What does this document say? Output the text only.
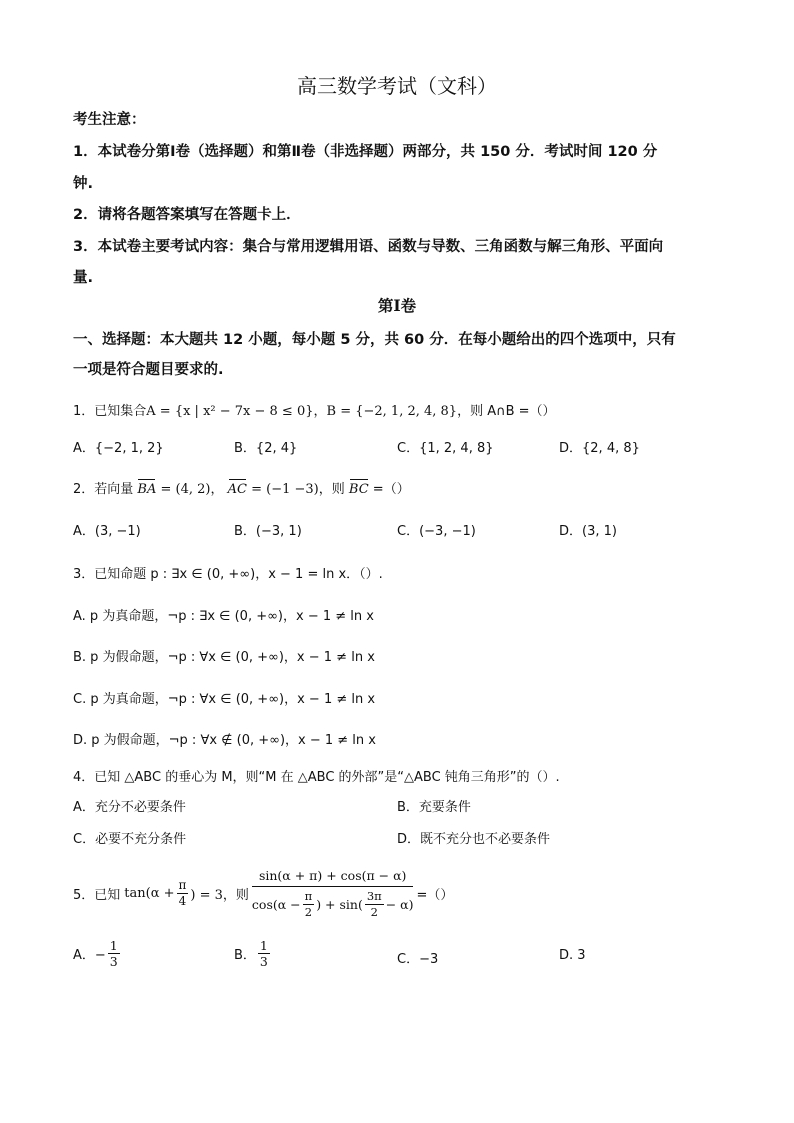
高三数学考试（文科）
考生注意：
1．本试卷分第Ⅰ卷（选择题）和第Ⅱ卷（非选择题）两部分，共 150 分．考试时间 120 分
钟.
2．请将各题答案填写在答题卡上．
3．本试卷主要考试内容：集合与常用逻辑用语、函数与导数、三角函数与解三角形、平面向
量.
第Ⅰ卷
一、选择题：本大题共 12 小题，每小题 5 分，共 60 分．在每小题给出的四个选项中，只有
一项是符合题目要求的.
1．已知集合A = {x | x² − 7x − 8 ≤ 0}，B = {−2, 1, 2, 4, 8}，则 A∩B =（）
A．{−2, 1, 2}	B．{2, 4}	C．{1, 2, 4, 8}	D．{2, 4, 8}
2．若向量 BA = (4, 2)， AC = (−1 −3)，则 BC =（）
A．(3, −1)	B．(−3, 1)	C．(−3, −1)	D．(3, 1)
3．已知命题 p : ∃x ∈ (0, +∞)，x − 1 = ln x．（）.
A. p 为真命题，¬p : ∃x ∈ (0, +∞)，x − 1 ≠ ln x
B. p 为假命题，¬p : ∀x ∈ (0, +∞)，x − 1 ≠ ln x
C. p 为真命题，¬p : ∀x ∈ (0, +∞)，x − 1 ≠ ln x
D. p 为假命题，¬p : ∀x ∉ (0, +∞)，x − 1 ≠ ln x
4．已知 △ABC 的垂心为 M，则“M 在 △ABC 的外部”是“△ABC 钝角三角形”的（）.
A．充分不必要条件	B．充要条件
C．必要不充分条件	D．既不充分也不必要条件
5．已知 $\tan(\alpha + \frac{\pi}{4}$ ) = 3，则
sin(α + π) + cos(π − α)
$\cos(\alpha - \frac{\pi}{2}$ ) + $\sin( \frac{3\pi}{2} - \alpha)$
=（）
A．− $\frac{1}{3}$	B． $\frac{1}{3}$	C．−3	D. 3
